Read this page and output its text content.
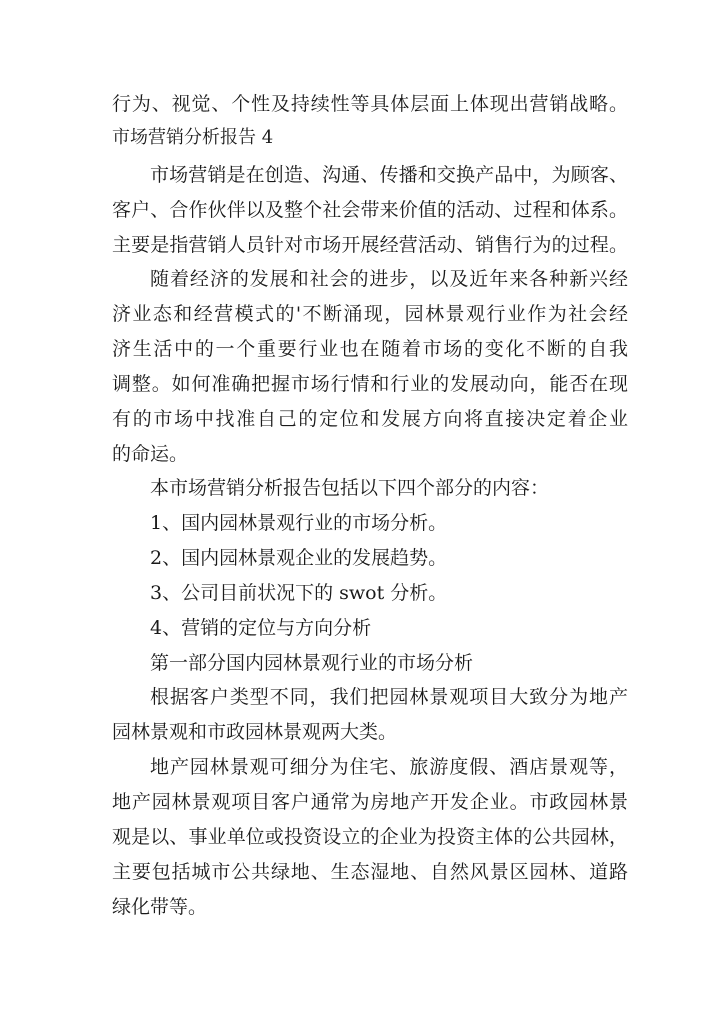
行为、视觉、个性及持续性等具体层面上体现出营销战略。
市场营销分析报告 4
市场营销是在创造、沟通、传播和交换产品中，为顾客、
客户、合作伙伴以及整个社会带来价值的活动、过程和体系。
主要是指营销人员针对市场开展经营活动、销售行为的过程。
随着经济的发展和社会的进步，以及近年来各种新兴经
济业态和经营模式的'不断涌现，园林景观行业作为社会经
济生活中的一个重要行业也在随着市场的变化不断的自我
调整。如何准确把握市场行情和行业的发展动向，能否在现
有的市场中找准自己的定位和发展方向将直接决定着企业
的命运。
本市场营销分析报告包括以下四个部分的内容：
1、国内园林景观行业的市场分析。
2、国内园林景观企业的发展趋势。
3、公司目前状况下的 swot 分析。
4、营销的定位与方向分析
第一部分国内园林景观行业的市场分析
根据客户类型不同，我们把园林景观项目大致分为地产
园林景观和市政园林景观两大类。
地产园林景观可细分为住宅、旅游度假、酒店景观等，
地产园林景观项目客户通常为房地产开发企业。市政园林景
观是以、事业单位或投资设立的企业为投资主体的公共园林，
主要包括城市公共绿地、生态湿地、自然风景区园林、道路
绿化带等。
